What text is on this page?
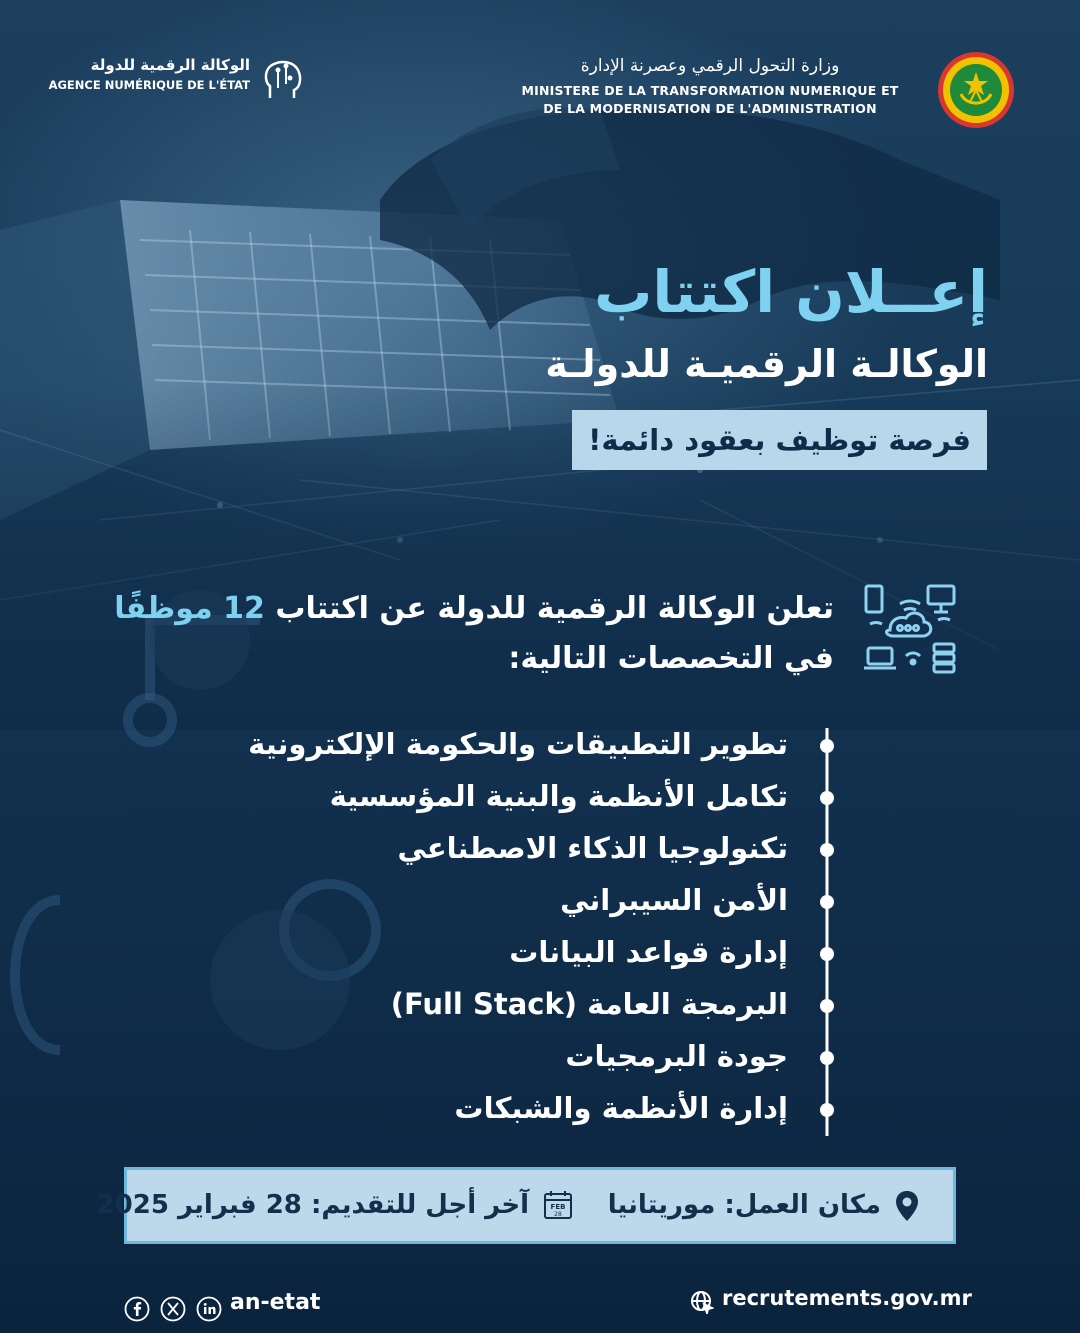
الوكالة الرقمية للدولة
AGENCE NUMÉRIQUE DE L'ÉTAT
وزارة التحول الرقمي وعصرنة الإدارة
MINISTERE DE LA TRANSFORMATION NUMERIQUE ET
DE LA MODERNISATION DE L'ADMINISTRATION
إعــلان اكتتاب
الوكالـة الرقميـة للدولـة
فرصة توظيف بعقود دائمة!
تعلن الوكالة الرقمية للدولة عن اكتتاب 12 موظفًا
في التخصصات التالية:
تطوير التطبيقات والحكومة الإلكترونية
تكامل الأنظمة والبنية المؤسسية
تكنولوجيا الذكاء الاصطناعي
الأمن السيبراني
إدارة قواعد البيانات
البرمجة العامة (Full Stack)
جودة البرمجيات
إدارة الأنظمة والشبكات
مكان العمل: موريتانيا
FEB
28
آخر أجل للتقديم: 28 فبراير 2025
recrutements.gov.mr
an-etat
